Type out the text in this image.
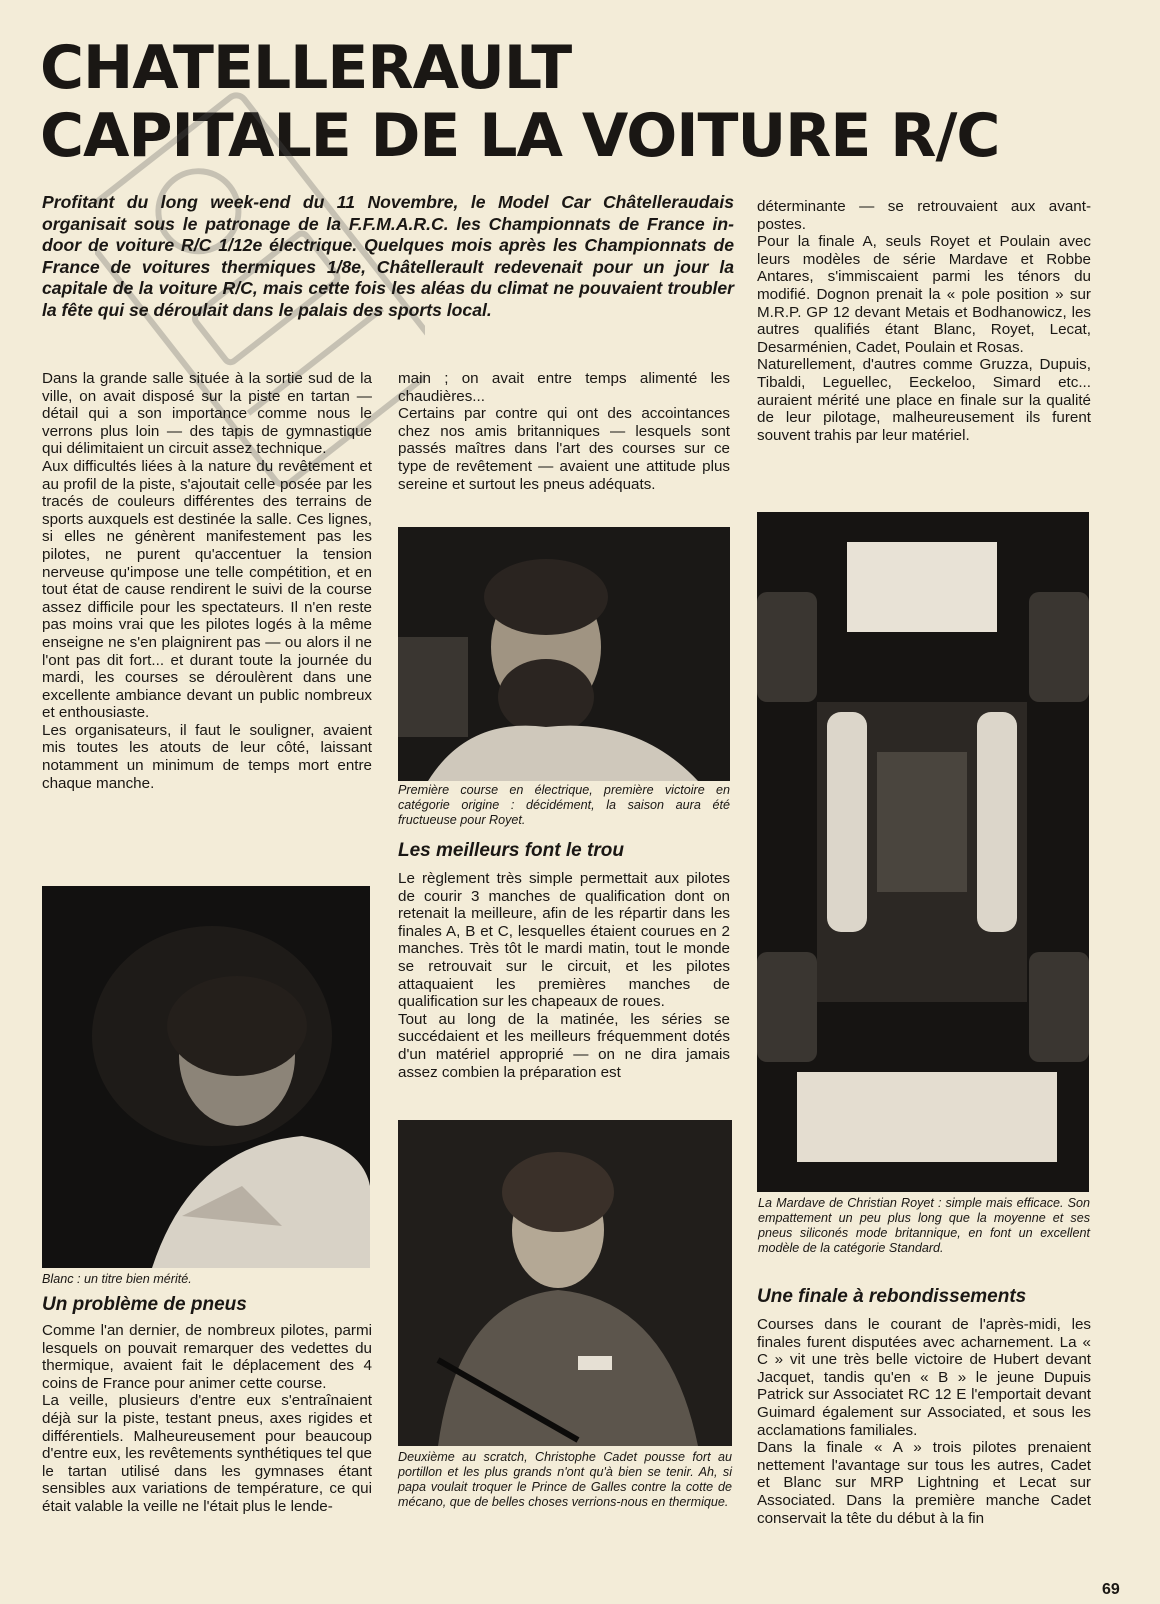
CHATELLERAULT
CAPITALE DE LA VOITURE R/C

Profitant du long week-end du 11 Novembre, le Model Car Châtelleraudais organisait sous le patronage de la F.F.M.A.R.C. les Championnats de France in-door de voiture R/C 1/12e électrique. Quelques mois après les Championnats de France de voitures thermiques 1/8e, Châtellerault redevenait pour un jour la capitale de la voiture R/C, mais cette fois les aléas du climat ne pouvaient troubler la fête qui se déroulait dans le palais des sports local.

Dans la grande salle située à la sortie sud de la ville, on avait disposé sur la piste en tartan — détail qui a son importance comme nous le verrons plus loin — des tapis de gymnastique qui délimitaient un circuit assez technique.

Aux difficultés liées à la nature du revêtement et au profil de la piste, s'ajoutait celle posée par les tracés de couleurs différentes des terrains de sports auxquels est destinée la salle. Ces lignes, si elles ne génèrent manifestement pas les pilotes, ne purent qu'accentuer la tension nerveuse qu'impose une telle compétition, et en tout état de cause rendirent le suivi de la course assez difficile pour les spectateurs. Il n'en reste pas moins vrai que les pilotes logés à la même enseigne ne s'en plaignirent pas — ou alors il ne l'ont pas dit fort... et durant toute la journée du mardi, les courses se déroulèrent dans une excellente ambiance devant un public nombreux et enthousiaste.

Les organisateurs, il faut le souligner, avaient mis toutes les atouts de leur côté, laissant notamment un minimum de temps mort entre chaque manche.

Blanc : un titre bien mérité.
Un problème de pneus

Comme l'an dernier, de nombreux pilotes, parmi lesquels on pouvait remarquer des vedettes du thermique, avaient fait le déplacement des 4 coins de France pour animer cette course.

La veille, plusieurs d'entre eux s'entraînaient déjà sur la piste, testant pneus, axes rigides et différentiels. Malheureusement pour beaucoup d'entre eux, les revêtements synthétiques tel que le tartan utilisé dans les gymnases étant sensibles aux variations de température, ce qui était valable la veille ne l'était plus le lende-

main ; on avait entre temps alimenté les chaudières...

Certains par contre qui ont des accointances chez nos amis britanniques — lesquels sont passés maîtres dans l'art des courses sur ce type de revêtement — avaient une attitude plus sereine et surtout les pneus adéquats.

Première course en électrique, première victoire en catégorie origine : décidément, la saison aura été fructueuse pour Royet.
Les meilleurs font le trou

Le règlement très simple permettait aux pilotes de courir 3 manches de qualification dont on retenait la meilleure, afin de les répartir dans les finales A, B et C, lesquelles étaient courues en 2 manches. Très tôt le mardi matin, tout le monde se retrouvait sur le circuit, et les pilotes attaquaient les premières manches de qualification sur les chapeaux de roues.

Tout au long de la matinée, les séries se succédaient et les meilleurs fréquemment dotés d'un matériel approprié — on ne dira jamais assez combien la préparation est

Deuxième au scratch, Christophe Cadet pousse fort au portillon et les plus grands n'ont qu'à bien se tenir. Ah, si papa voulait troquer le Prince de Galles contre la cotte de mécano, que de belles choses verrions-nous en thermique.

déterminante — se retrouvaient aux avant-postes.

Pour la finale A, seuls Royet et Poulain avec leurs modèles de série Mardave et Robbe Antares, s'immiscaient parmi les ténors du modifié. Dognon prenait la « pole position » sur M.R.P. GP 12 devant Metais et Bodhanowicz, les autres qualifiés étant Blanc, Royet, Lecat, Desarménien, Cadet, Poulain et Rosas.

Naturellement, d'autres comme Gruzza, Dupuis, Tibaldi, Leguellec, Eeckeloo, Simard etc... auraient mérité une place en finale sur la qualité de leur pilotage, malheureusement ils furent souvent trahis par leur matériel.

La Mardave de Christian Royet : simple mais efficace. Son empattement un peu plus long que la moyenne et ses pneus siliconés mode britannique, en font un excellent modèle de la catégorie Standard.
Une finale à rebondissements

Courses dans le courant de l'après-midi, les finales furent disputées avec acharnement. La « C » vit une très belle victoire de Hubert devant Jacquet, tandis qu'en « B » le jeune Dupuis Patrick sur Associatet RC 12 E l'emportait devant Guimard également sur Associated, et sous les acclamations familiales.

Dans la finale « A » trois pilotes prenaient nettement l'avantage sur tous les autres, Cadet et Blanc sur MRP Lightning et Lecat sur Associated. Dans la première manche Cadet conservait la tête du début à la fin

69
